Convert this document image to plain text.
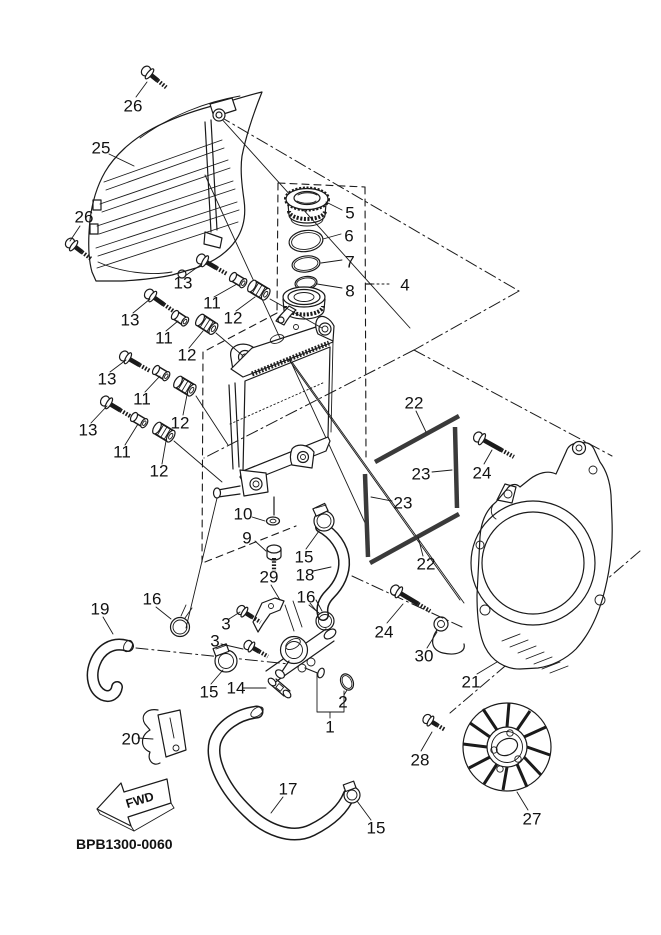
FWD
BPB1300-0060
26
25
26	5
6
7
8	4
13
11
12
13
11
12
13
11
12
13
11
12
10
9
22
23
23
22
24
24
30
21
28
27
15
18
29
16
19
16
3
3
15 14
20
2
1
17
15
